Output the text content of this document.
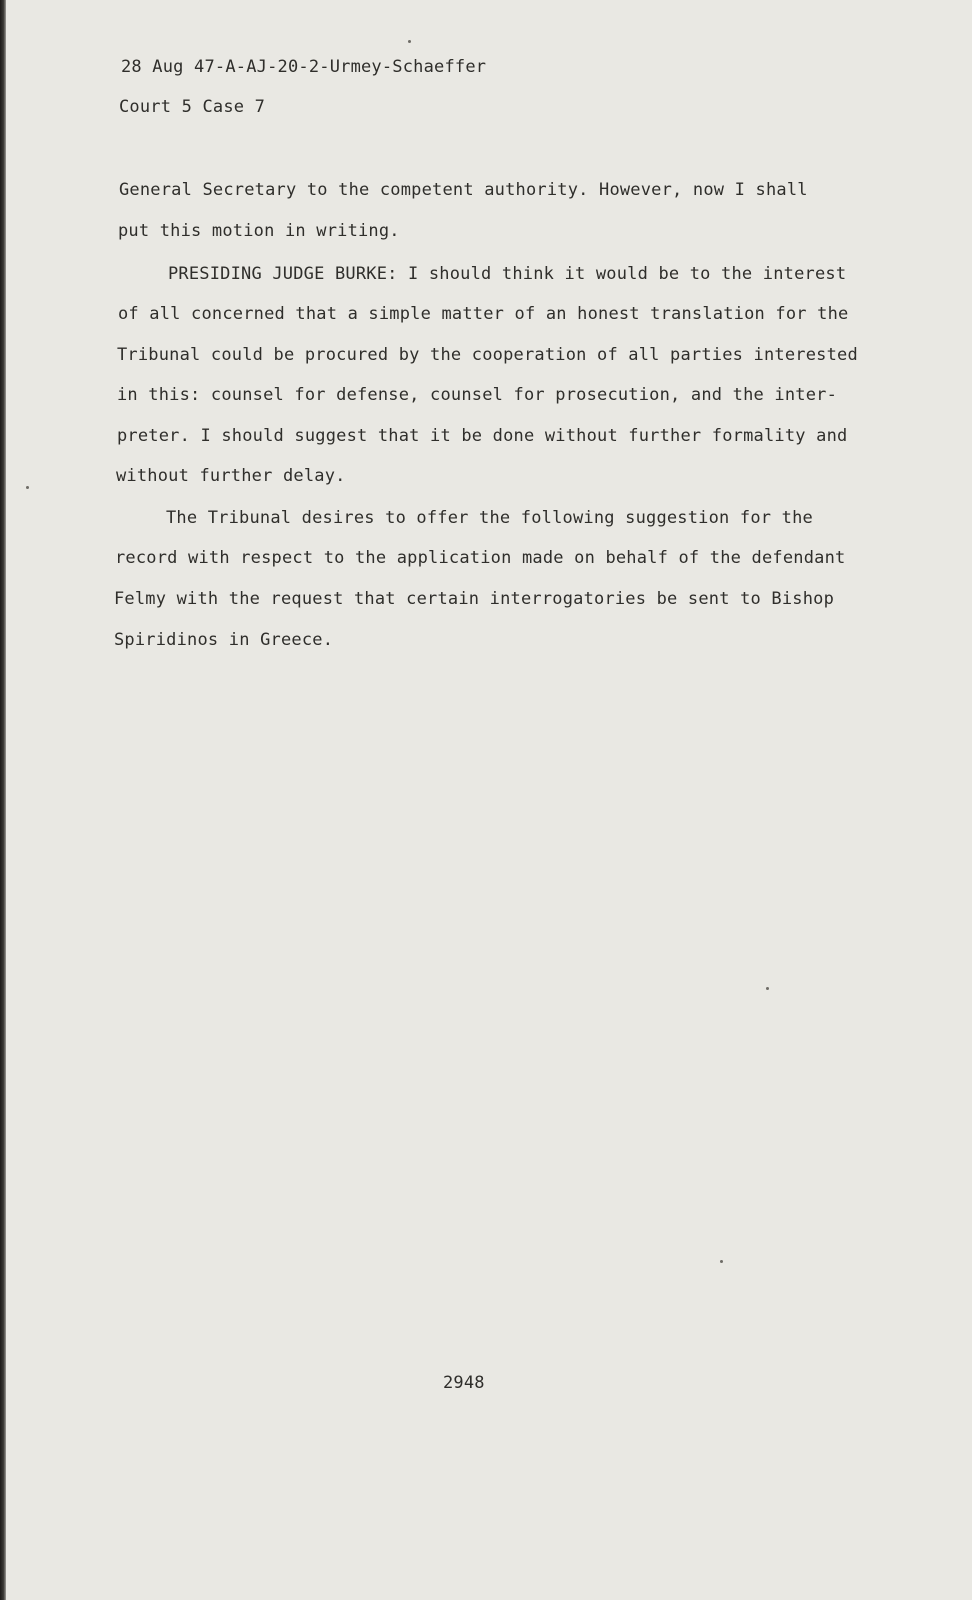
28 Aug 47-A-AJ-20-2-Urmey-Schaeffer
Court 5 Case 7
General Secretary to the competent authority. However, now I shall
put this motion in writing.
PRESIDING JUDGE BURKE: I should think it would be to the interest
of all concerned that a simple matter of an honest translation for the
Tribunal could be procured by the cooperation of all parties interested
in this: counsel for defense, counsel for prosecution, and the inter-
preter. I should suggest that it be done without further formality and
without further delay.
The Tribunal desires to offer the following suggestion for the
record with respect to the application made on behalf of the defendant
Felmy with the request that certain interrogatories be sent to Bishop
Spiridinos in Greece.
2948
